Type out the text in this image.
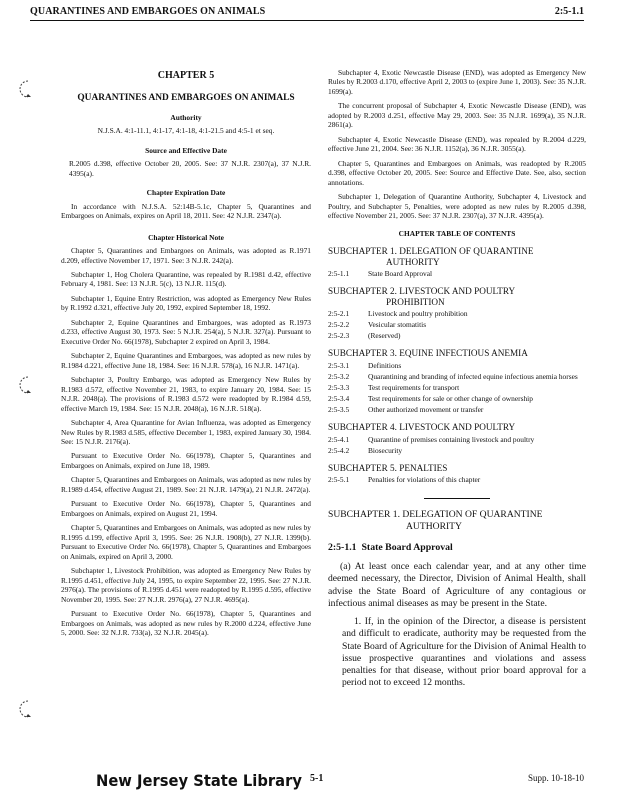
QUARANTINES AND EMBARGOES ON ANIMALS	2:5-1.1
CHAPTER 5
QUARANTINES AND EMBARGOES ON ANIMALS
Authority

N.J.S.A. 4:1-11.1, 4:1-17, 4:1-18, 4:1-21.5 and 4:5-1 et seq.

Source and Effective Date

R.2005 d.398, effective October 20, 2005. See: 37 N.J.R. 2307(a), 37 N.J.R. 4395(a).

Chapter Expiration Date

In accordance with N.J.S.A. 52:14B-5.1c, Chapter 5, Quarantines and Embargoes on Animals, expires on April 18, 2011. See: 42 N.J.R. 2347(a).

Chapter Historical Note

Chapter 5, Quarantines and Embargoes on Animals, was adopted as R.1971 d.209, effective November 17, 1971. See: 3 N.J.R. 242(a).

Subchapter 1, Hog Cholera Quarantine, was repealed by R.1981 d.42, effective February 4, 1981. See: 13 N.J.R. 5(c), 13 N.J.R. 115(d).

Subchapter 1, Equine Entry Restriction, was adopted as Emergency New Rules by R.1992 d.321, effective July 20, 1992, expired September 18, 1992.

Subchapter 2, Equine Quarantines and Embargoes, was adopted as R.1973 d.233, effective August 30, 1973. See: 5 N.J.R. 254(a), 5 N.J.R. 327(a). Pursuant to Executive Order No. 66(1978), Subchapter 2 expired on April 3, 1984.

Subchapter 2, Equine Quarantines and Embargoes, was adopted as new rules by R.1984 d.221, effective June 18, 1984. See: 16 N.J.R. 578(a), 16 N.J.R. 1471(a).

Subchapter 3, Poultry Embargo, was adopted as Emergency New Rules by R.1983 d.572, effective November 21, 1983, to expire January 20, 1984. See: 15 N.J.R. 2048(a). The provisions of R.1983 d.572 were readopted by R.1984 d.59, effective March 19, 1984. See: 15 N.J.R. 2048(a), 16 N.J.R. 518(a).

Subchapter 4, Area Quarantine for Avian Influenza, was adopted as Emergency New Rules by R.1983 d.585, effective December 1, 1983, expired January 30, 1984. See: 15 N.J.R. 2176(a).

Pursuant to Executive Order No. 66(1978), Chapter 5, Quarantines and Embargoes on Animals, expired on June 18, 1989.

Chapter 5, Quarantines and Embargoes on Animals, was adopted as new rules by R.1989 d.454, effective August 21, 1989. See: 21 N.J.R. 1479(a), 21 N.J.R. 2472(a).

Pursuant to Executive Order No. 66(1978), Chapter 5, Quarantines and Embargoes on Animals, expired on August 21, 1994.

Chapter 5, Quarantines and Embargoes on Animals, was adopted as new rules by R.1995 d.199, effective April 3, 1995. See: 26 N.J.R. 1908(b), 27 N.J.R. 1399(b). Pursuant to Executive Order No. 66(1978), Chapter 5, Quarantines and Embargoes on Animals, expired on April 3, 2000.

Subchapter 1, Livestock Prohibition, was adopted as Emergency New Rules by R.1995 d.451, effective July 24, 1995, to expire September 22, 1995. See: 27 N.J.R. 2976(a). The provisions of R.1995 d.451 were readopted by R.1995 d.595, effective November 20, 1995. See: 27 N.J.R. 2976(a), 27 N.J.R. 4695(a).

Pursuant to Executive Order No. 66(1978), Chapter 5, Quarantines and Embargoes on Animals, was adopted as new rules by R.2000 d.224, effective June 5, 2000. See: 32 N.J.R. 733(a), 32 N.J.R. 2045(a).

Subchapter 4, Exotic Newcastle Disease (END), was adopted as Emergency New Rules by R.2003 d.170, effective April 2, 2003 to (expire June 1, 2003). See: 35 N.J.R. 1699(a).

The concurrent proposal of Subchapter 4, Exotic Newcastle Disease (END), was adopted by R.2003 d.251, effective May 29, 2003. See: 35 N.J.R. 1699(a), 35 N.J.R. 2861(a).

Subchapter 4, Exotic Newcastle Disease (END), was repealed by R.2004 d.229, effective June 21, 2004. See: 36 N.J.R. 1152(a), 36 N.J.R. 3055(a).

Chapter 5, Quarantines and Embargoes on Animals, was readopted by R.2005 d.398, effective October 20, 2005. See: Source and Effective Date. See, also, section annotations.

Subchapter 1, Delegation of Quarantine Authority, Subchapter 4, Livestock and Poultry, and Subchapter 5, Penalties, were adopted as new rules by R.2005 d.398, effective November 21, 2005. See: 37 N.J.R. 2307(a), 37 N.J.R. 4395(a).

CHAPTER TABLE OF CONTENTS
SUBCHAPTER 1. DELEGATION OF QUARANTINE
AUTHORITY
2:5-1.1	State Board Approval
SUBCHAPTER 2. LIVESTOCK AND POULTRY
PROHIBITION
2:5-2.1	Livestock and poultry prohibition
2:5-2.2	Vesicular stomatitis
2:5-2.3	(Reserved)
SUBCHAPTER 3. EQUINE INFECTIOUS ANEMIA
2:5-3.1	Definitions
2:5-3.2	Quarantining and branding of infected equine infectious anemia horses
2:5-3.3	Test requirements for transport
2:5-3.4	Test requirements for sale or other change of ownership
2:5-3.5	Other authorized movement or transfer
SUBCHAPTER 4. LIVESTOCK AND POULTRY
2:5-4.1	Quarantine of premises containing livestock and poultry
2:5-4.2	Biosecurity
SUBCHAPTER 5. PENALTIES
2:5-5.1	Penalties for violations of this chapter
SUBCHAPTER 1. DELEGATION OF QUARANTINE
AUTHORITY
2:5-1.1 State Board Approval

(a) At least once each calendar year, and at any other time deemed necessary, the Director, Division of Animal Health, shall advise the State Board of Agriculture of any contagious or infectious animal diseases as may be present in the State.

1. If, in the opinion of the Director, a disease is persistent and difficult to eradicate, authority may be requested from the State Board of Agriculture for the Division of Animal Health to issue prospective quarantines and violations and assess penalties for that disease, without prior board approval for a period not to exceed 12 months.

New Jersey State Library 5-1	Supp. 10-18-10
